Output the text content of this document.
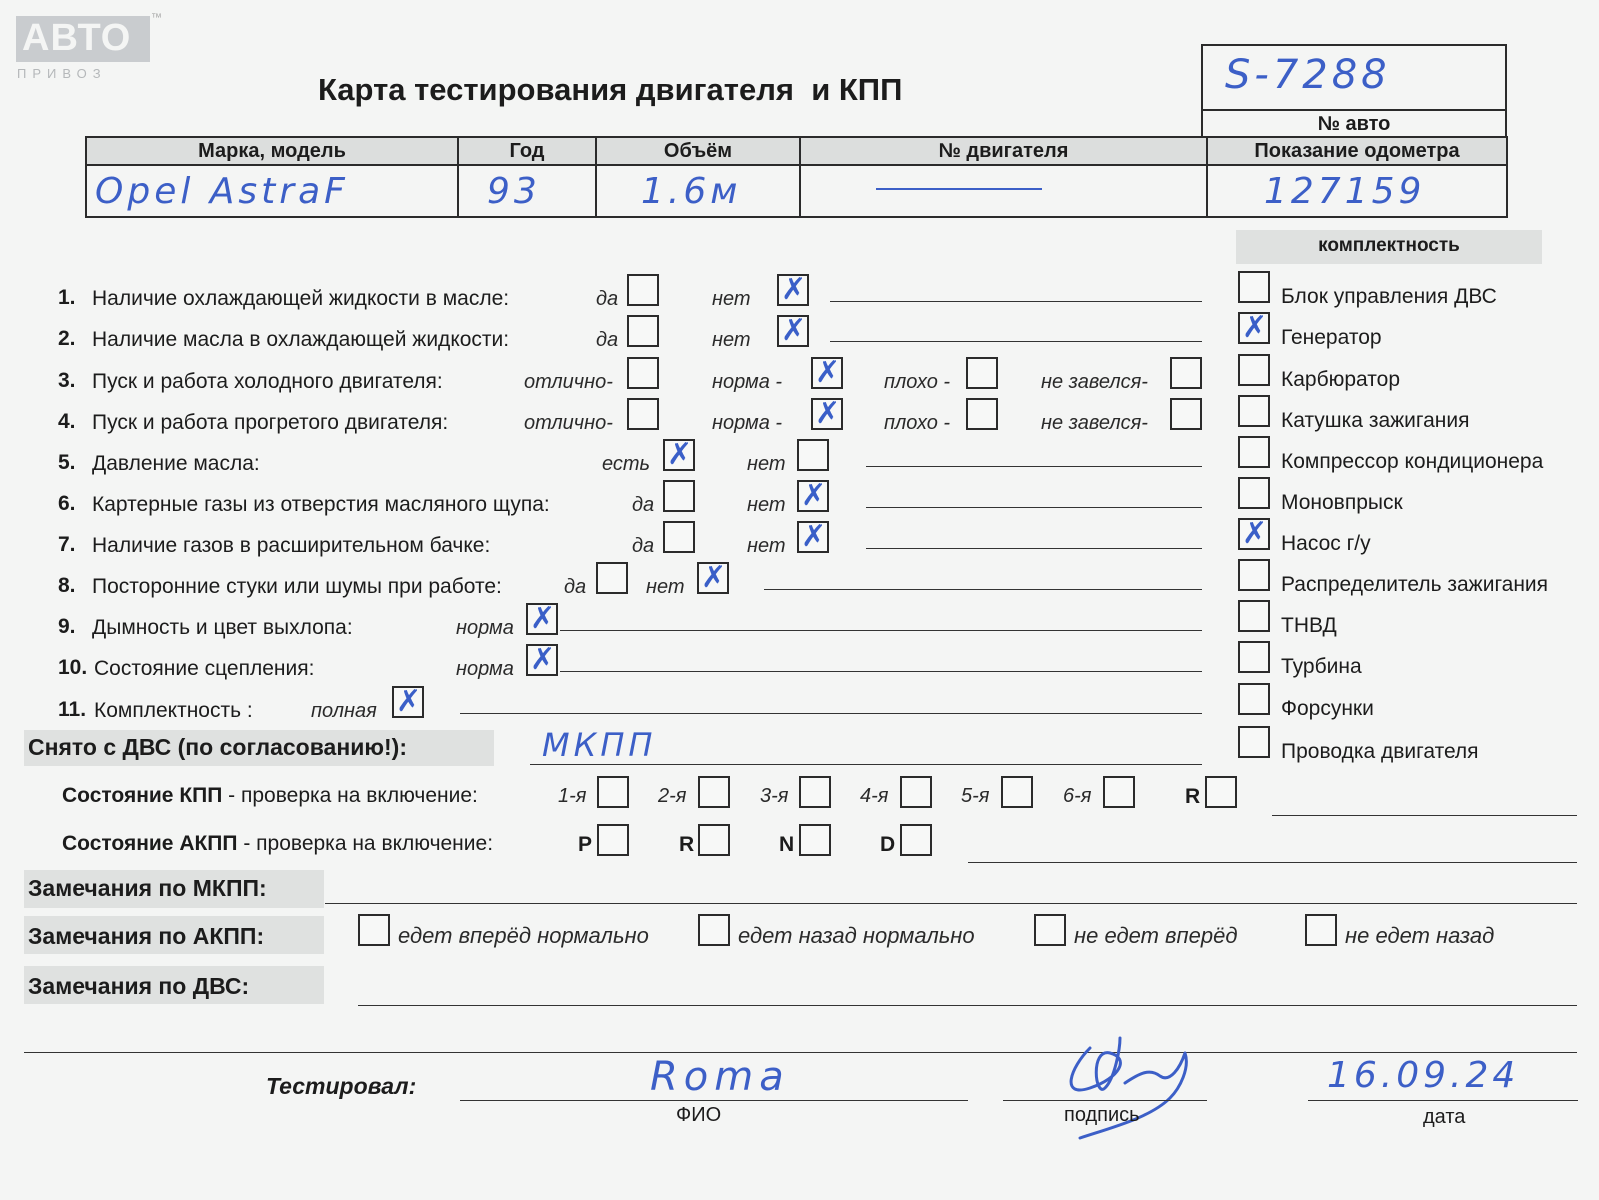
АВТО ™
ПРИВОЗ	Карта тестирования двигателя  и КПП	S-7288
№ авто
Марка, модель	Год	Объём	№ двигателя	Показание одометра
Opel AstraF	93	1.6м		127159
комплектность
1. Наличие охлаждающей жидкости в масле:	да	нет ✗
2. Наличие масла в охлаждающей жидкости:	да	нет ✗
3. Пуск и работа холодного двигателя:	отлично-	норма - ✗ плохо -	не завелся-
4. Пуск и работа прогретого двигателя:	отлично-	норма - ✗ плохо -	не завелся-
5. Давление масла:	есть ✗	нет
6. Картерные газы из отверстия масляного щупа:	да	нет ✗
7. Наличие газов в расширительном бачке:	да	нет ✗
8. Посторонние стуки или шумы при работе:	да	нет ✗
9. Дымность и цвет выхлопа:	норма ✗
10. Состояние сцепления:	норма ✗
11. Комплектность :	полная ✗
Блок управления ДВС
✗ Генератор
Карбюратор
Катушка зажигания
Компрессор кондиционера
Моновпрыск
✗ Насос г/у
Распределитель зажигания
ТНВД
Турбина
Форсунки
Проводка двигателя
Снято с ДВС (по согласованию!):	МКПП
Состояние КПП - проверка на включение:	1-я	2-я	3-я	4-я	5-я	6-я	R
Состояние АКПП - проверка на включение:	P	R	N	D
Замечания по МКПП:
Замечания по АКПП:	едет вперёд нормально	едет назад нормально	не едет вперёд	не едет назад
Замечания по ДВС:
Тестировал:	Roma
ФИО	подпись
16.09.24
дата
